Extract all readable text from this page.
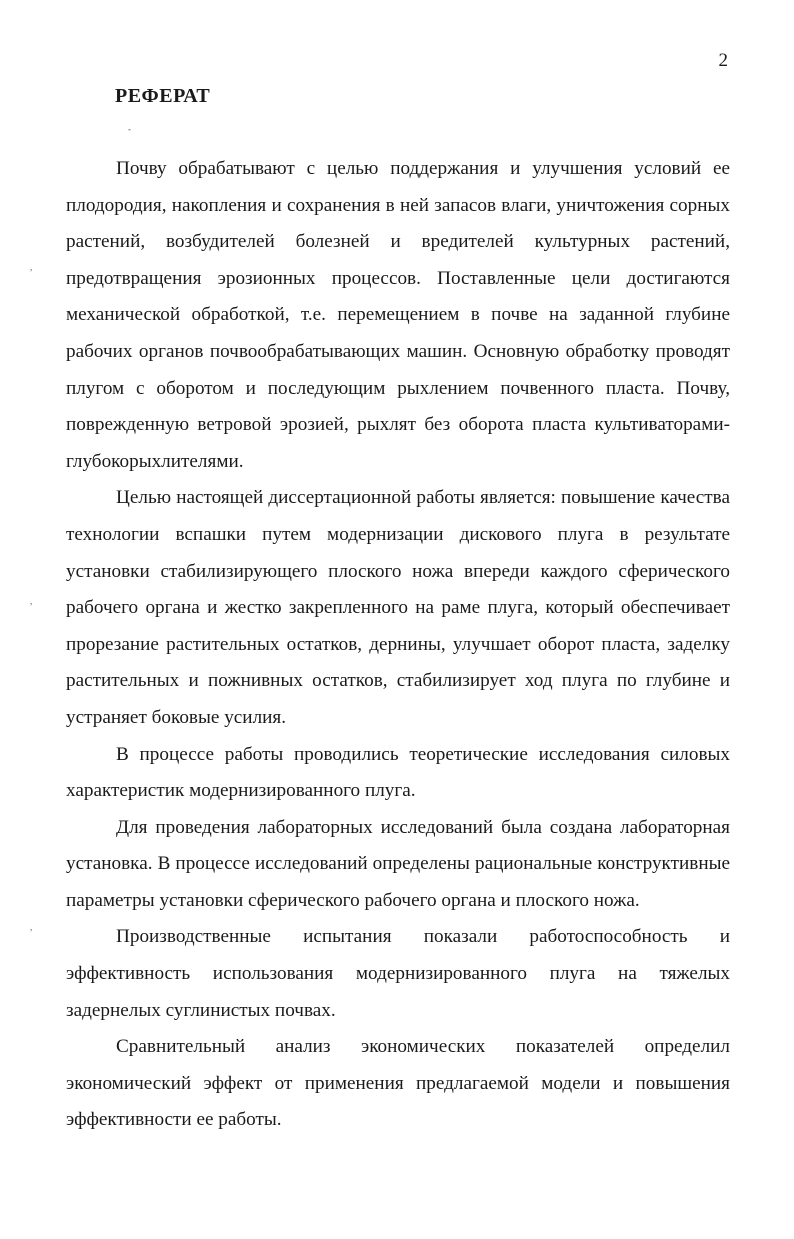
2
РЕФЕРАТ
-
,
,
,

Почву обрабатывают с целью поддержания и улучшения условий ее плодородия, накопления и сохранения в ней запасов влаги, уничтожения сорных растений, возбудителей болезней и вредителей культурных растений, предотвращения эрозионных процессов. Поставленные цели достигаются механической обработкой, т.е. перемещением в почве на заданной глубине рабочих органов почвообрабатывающих машин. Основную обработку проводят плугом с оборотом и последующим рыхлением почвенного пласта. Почву, поврежденную ветровой эрозией, рыхлят без оборота пласта культиваторами-глубокорыхлителями.

Целью настоящей диссертационной работы является: повышение качества технологии вспашки путем модернизации дискового плуга в результате установки стабилизирующего плоского ножа впереди каждого сферического рабочего органа и жестко закрепленного на раме плуга, который обеспечивает прорезание растительных остатков, дернины, улучшает оборот пласта, заделку растительных и пожнивных остатков, стабилизирует ход плуга по глубине и устраняет боковые усилия.

В процессе работы проводились теоретические исследования силовых характеристик модернизированного плуга.

Для проведения лабораторных исследований была создана лабораторная установка. В процессе исследований определены рациональные конструктивные параметры установки сферического рабочего органа и плоского ножа.

Производственные испытания показали работоспособность и эффективность использования модернизированного плуга на тяжелых задернелых суглинистых почвах.

Сравнительный анализ экономических показателей определил экономический эффект от применения предлагаемой модели и повышения эффективности ее работы.
